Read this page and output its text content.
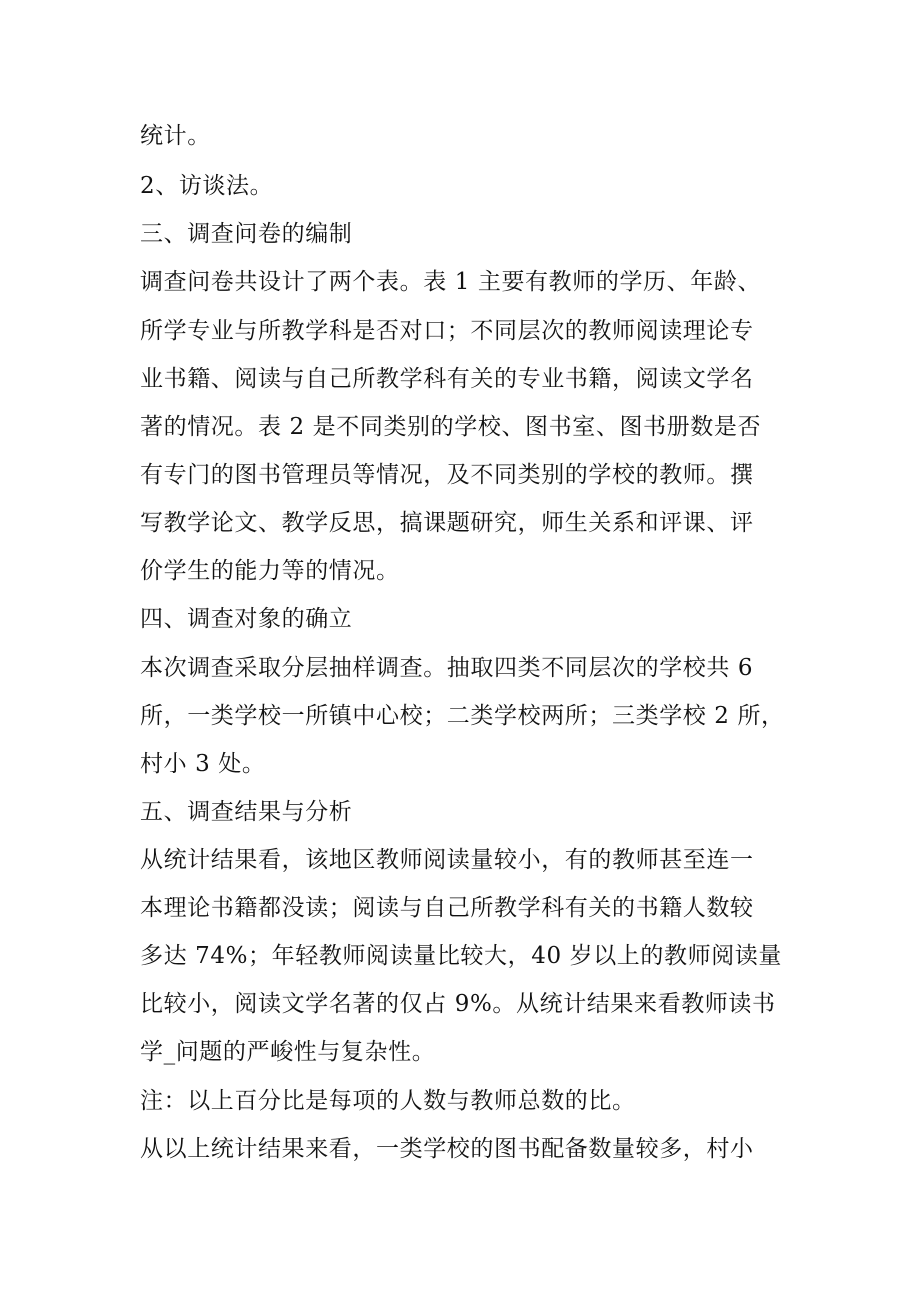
统计。
2、访谈法。
三、调查问卷的编制
调查问卷共设计了两个表。表 1 主要有教师的学历、年龄、
所学专业与所教学科是否对口；不同层次的教师阅读理论专
业书籍、阅读与自己所教学科有关的专业书籍，阅读文学名
著的情况。表 2 是不同类别的学校、图书室、图书册数是否
有专门的图书管理员等情况，及不同类别的学校的教师。撰
写教学论文、教学反思，搞课题研究，师生关系和评课、评
价学生的能力等的情况。
四、调查对象的确立
本次调查采取分层抽样调查。抽取四类不同层次的学校共 6
所，一类学校一所镇中心校；二类学校两所；三类学校 2 所，
村小 3 处。
五、调查结果与分析
从统计结果看，该地区教师阅读量较小，有的教师甚至连一
本理论书籍都没读；阅读与自己所教学科有关的书籍人数较
多达 74%；年轻教师阅读量比较大，40 岁以上的教师阅读量
比较小，阅读文学名著的仅占 9%。从统计结果来看教师读书
学_问题的严峻性与复杂性。
注：以上百分比是每项的人数与教师总数的比。
从以上统计结果来看，一类学校的图书配备数量较多，村小
